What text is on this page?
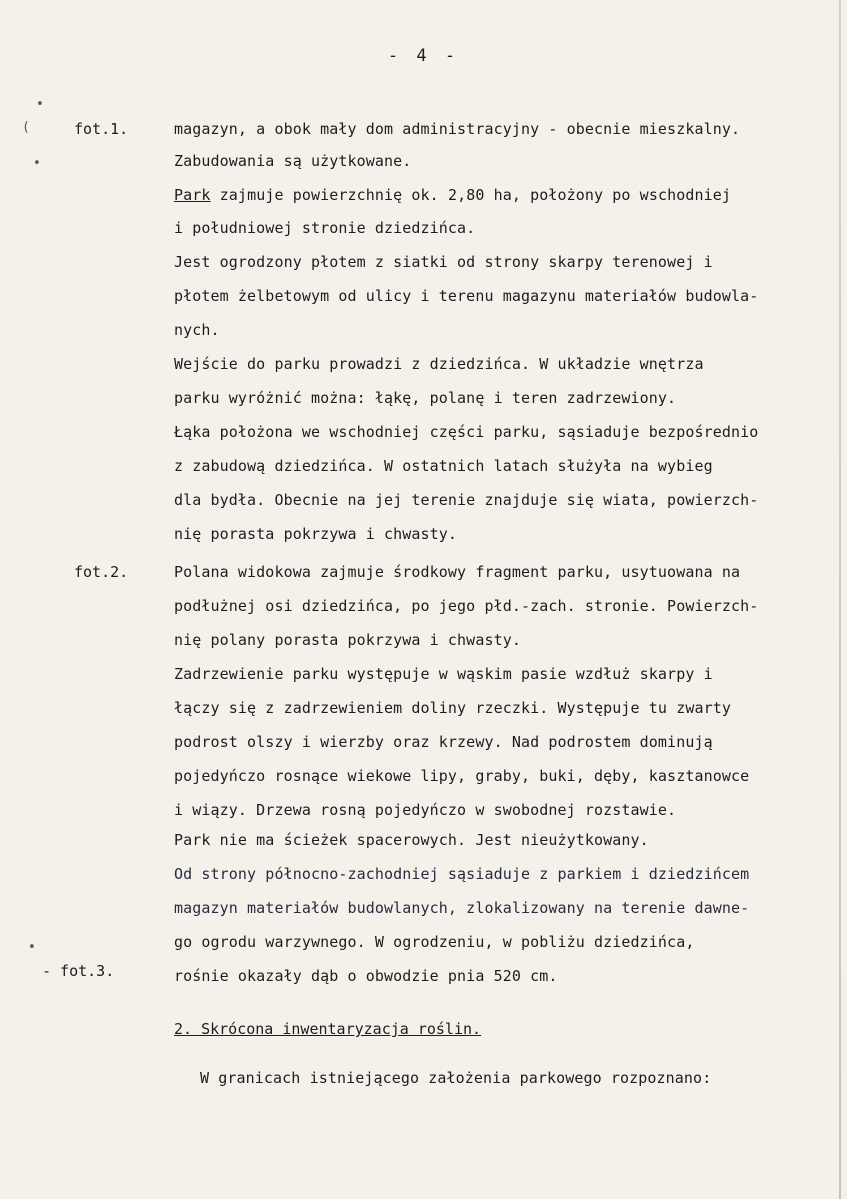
•
(
•
•
- 4 -
fot.1.
fot.2.
- fot.3.
magazyn, a obok mały dom administracyjny - obecnie mieszkalny.
Zabudowania są użytkowane.
Park zajmuje powierzchnię ok. 2,80 ha, położony po wschodniej
i południowej stronie dziedzińca.
Jest ogrodzony płotem z siatki od strony skarpy terenowej i
płotem żelbetowym od ulicy i terenu magazynu materiałów budowla-
nych.
Wejście do parku prowadzi z dziedzińca. W układzie wnętrza
parku wyróżnić można: łąkę, polanę i teren zadrzewiony.
Łąka położona we wschodniej części parku, sąsiaduje bezpośrednio
z zabudową dziedzińca. W ostatnich latach służyła na wybieg
dla bydła. Obecnie na jej terenie znajduje się wiata, powierzch-
nię porasta pokrzywa i chwasty.
Polana widokowa zajmuje środkowy fragment parku, usytuowana na
podłużnej osi dziedzińca, po jego płd.-zach. stronie. Powierzch-
nię polany porasta pokrzywa i chwasty.
Zadrzewienie parku występuje w wąskim pasie wzdłuż skarpy i
łączy się z zadrzewieniem doliny rzeczki. Występuje tu zwarty
podrost olszy i wierzby oraz krzewy. Nad podrostem dominują
pojedyńczo rosnące wiekowe lipy, graby, buki, dęby, kasztanowce
i wiązy. Drzewa rosną pojedyńczo w swobodnej rozstawie.
Park nie ma ścieżek spacerowych. Jest nieużytkowany.
Od strony północno-zachodniej sąsiaduje z parkiem i dziedzińcem
magazyn materiałów budowlanych, zlokalizowany na terenie dawne-
go ogrodu warzywnego. W ogrodzeniu, w pobliżu dziedzińca,
rośnie okazały dąb o obwodzie pnia 520 cm.
2. Skrócona inwentaryzacja roślin.
W granicach istniejącego założenia parkowego rozpoznano:
